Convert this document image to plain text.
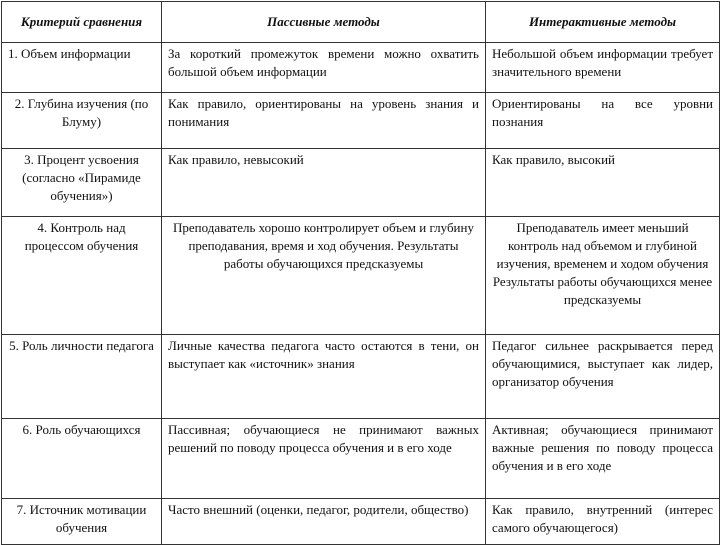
Критерий сравнения	Пассивные методы	Интерактивные методы
1. Объем информации	За короткий промежуток времени можно охватить большой объем информации	Небольшой объем информации требует значительного времени
2. Глубина изучения (по Блуму)	Как правило, ориентированы на уровень знания и понимания	Ориентированы на все уровни познания
3. Процент усвоения (согласно «Пирамиде обучения»)	Как правило, невысокий	Как правило, высокий
4. Контроль над процессом обучения	Преподаватель хорошо контролирует объем и глубину преподавания, время и ход обучения. Результаты работы обучающихся предсказуемы	Преподаватель имеет меньший контроль над объемом и глубиной изучения, временем и ходом обучения Результаты работы обучающихся менее предсказуемы
5. Роль личности педагога	Личные качества педагога часто остаются в тени, он выступает как «источник» знания	Педагог сильнее раскрывается перед обучающимися, выступает как лидер, организатор обучения
6. Роль обучающихся	Пассивная; обучающиеся не принимают важных решений по поводу процесса обучения и в его ходе	Активная; обучающиеся принимают важные решения по поводу процесса обучения и в его ходе
7. Источник мотивации обучения	Часто внешний (оценки, педагог, родители, общество)	Как правило, внутренний (интерес самого обучающегося)
